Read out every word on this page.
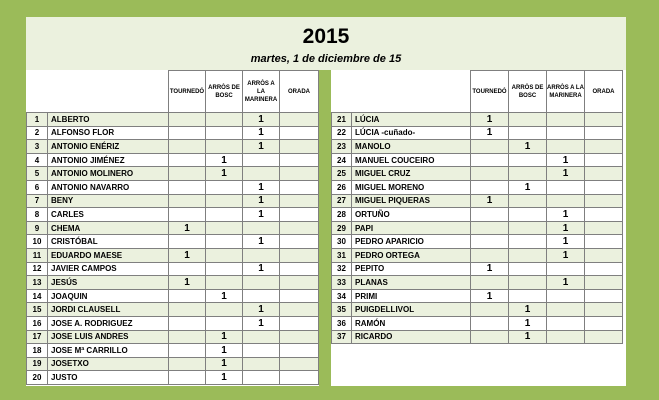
2015
martes, 1 de diciembre de 15
		TOURNEDÓ	ARRÒS DE BOSC	ARRÒS A LA MARINERA	ORADA
1	ALBERTO			1	
2	ALFONSO FLOR			1	
3	ANTONIO ENÉRIZ			1	
4	ANTONIO JIMÉNEZ		1		
5	ANTONIO MOLINERO		1		
6	ANTONIO NAVARRO			1	
7	BENY			1	
8	CARLES			1	
9	CHEMA	1			
10	CRISTÓBAL			1	
11	EDUARDO MAESE	1			
12	JAVIER CAMPOS			1	
13	JESÚS	1			
14	JOAQUIN		1		
15	JORDI CLAUSELL			1	
16	JOSE A. RODRIGUEZ			1	
17	JOSE LUIS ANDRES		1		
18	JOSE Mª CARRILLO		1		
19	JOSETXO		1		
20	JUSTO		1		
		TOURNEDÓ	ARRÒS DE BOSC	ARRÒS A LA MARINERA	ORADA
21	LÚCIA	1			
22	LÚCIA -cuñado-	1			
23	MANOLO		1		
24	MANUEL COUCEIRO			1	
25	MIGUEL CRUZ			1	
26	MIGUEL MORENO		1		
27	MIGUEL PIQUERAS	1			
28	ORTUÑO			1	
29	PAPI			1	
30	PEDRO APARICIO			1	
31	PEDRO ORTEGA			1	
32	PEPITO	1			
33	PLANAS			1	
34	PRIMI	1			
35	PUIGDELLIVOL		1		
36	RAMÓN		1		
37	RICARDO		1		
